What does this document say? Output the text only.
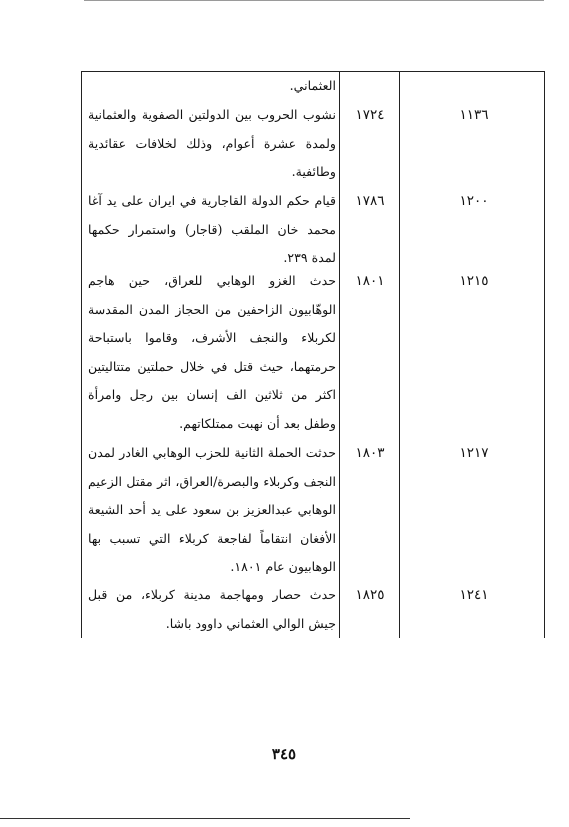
العثماني.
١١٣٦
١٧٢٤
نشوب الحروب بين الدولتين الصفوية والعثمانية ولمدة عشرة أعوام، وذلك لخلافات عقائدية وطائفية.
١٢٠٠
١٧٨٦
قيام حكم الدولة القاجارية في ايران على يد آغا محمد خان الملقب (قاجار) واستمرار حكمها لمدة ٢٣٩.
١٢١٥
١٨٠١
حدث الغزو الوهابي للعراق، حين هاجم الوهّابيون الزاحفين من الحجاز المدن المقدسة لكربلاء والنجف الأشرف، وقاموا باستباحة حرمتهما، حيث قتل في خلال حملتين متتاليتين اكثر من ثلاثين الف إنسان بين رجل وامرأة وطفل بعد أن نهبت ممتلكاتهم.
١٢١٧
١٨٠٣
حدثت الحملة الثانية للحزب الوهابي الغادر لمدن النجف وكربلاء والبصرة/العراق، اثر مقتل الزعيم الوهابي عبدالعزيز بن سعود على يد أحد الشيعة الأفغان انتقاماً لفاجعة كربلاء التي تسبب بها الوهابيون عام ١٨٠١.
١٢٤١
١٨٢٥
حدث حصار ومهاجمة مدينة كربلاء، من قبل جيش الوالي العثماني داوود باشا.
٣٤٥
